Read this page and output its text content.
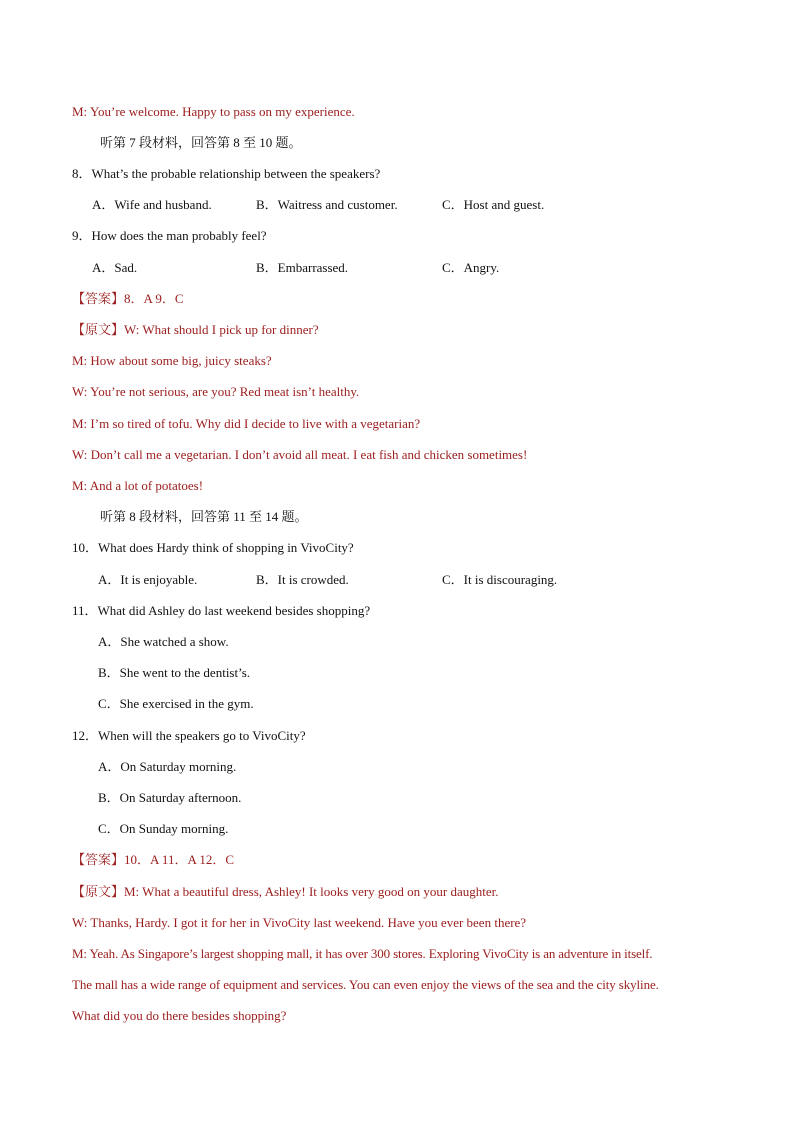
M: You’re welcome. Happy to pass on my experience.
听第 7 段材料，回答第 8 至 10 题。
8．What’s the probable relationship between the speakers?
A．Wife and husband.	B．Waitress and customer.	C．Host and guest.
9．How does the man probably feel?
A．Sad.	B．Embarrassed.	C．Angry.
【答案】8．A 9．C
【原文】W: What should I pick up for dinner?
M: How about some big, juicy steaks?
W: You’re not serious, are you? Red meat isn’t healthy.
M: I’m so tired of tofu. Why did I decide to live with a vegetarian?
W: Don’t call me a vegetarian. I don’t avoid all meat. I eat fish and chicken sometimes!
M: And a lot of potatoes!
听第 8 段材料，回答第 11 至 14 题。
10．What does Hardy think of shopping in VivoCity?
A．It is enjoyable.	B．It is crowded.	C．It is discouraging.
11．What did Ashley do last weekend besides shopping?
A．She watched a show.
B．She went to the dentist’s.
C．She exercised in the gym.
12．When will the speakers go to VivoCity?
A．On Saturday morning.
B．On Saturday afternoon.
C．On Sunday morning.
【答案】10．A 11．A 12．C
【原文】M: What a beautiful dress, Ashley! It looks very good on your daughter.
W: Thanks, Hardy. I got it for her in VivoCity last weekend. Have you ever been there?
M: Yeah. As Singapore’s largest shopping mall, it has over 300 stores. Exploring VivoCity is an adventure in itself.
The mall has a wide range of equipment and services. You can even enjoy the views of the sea and the city skyline.
What did you do there besides shopping?
